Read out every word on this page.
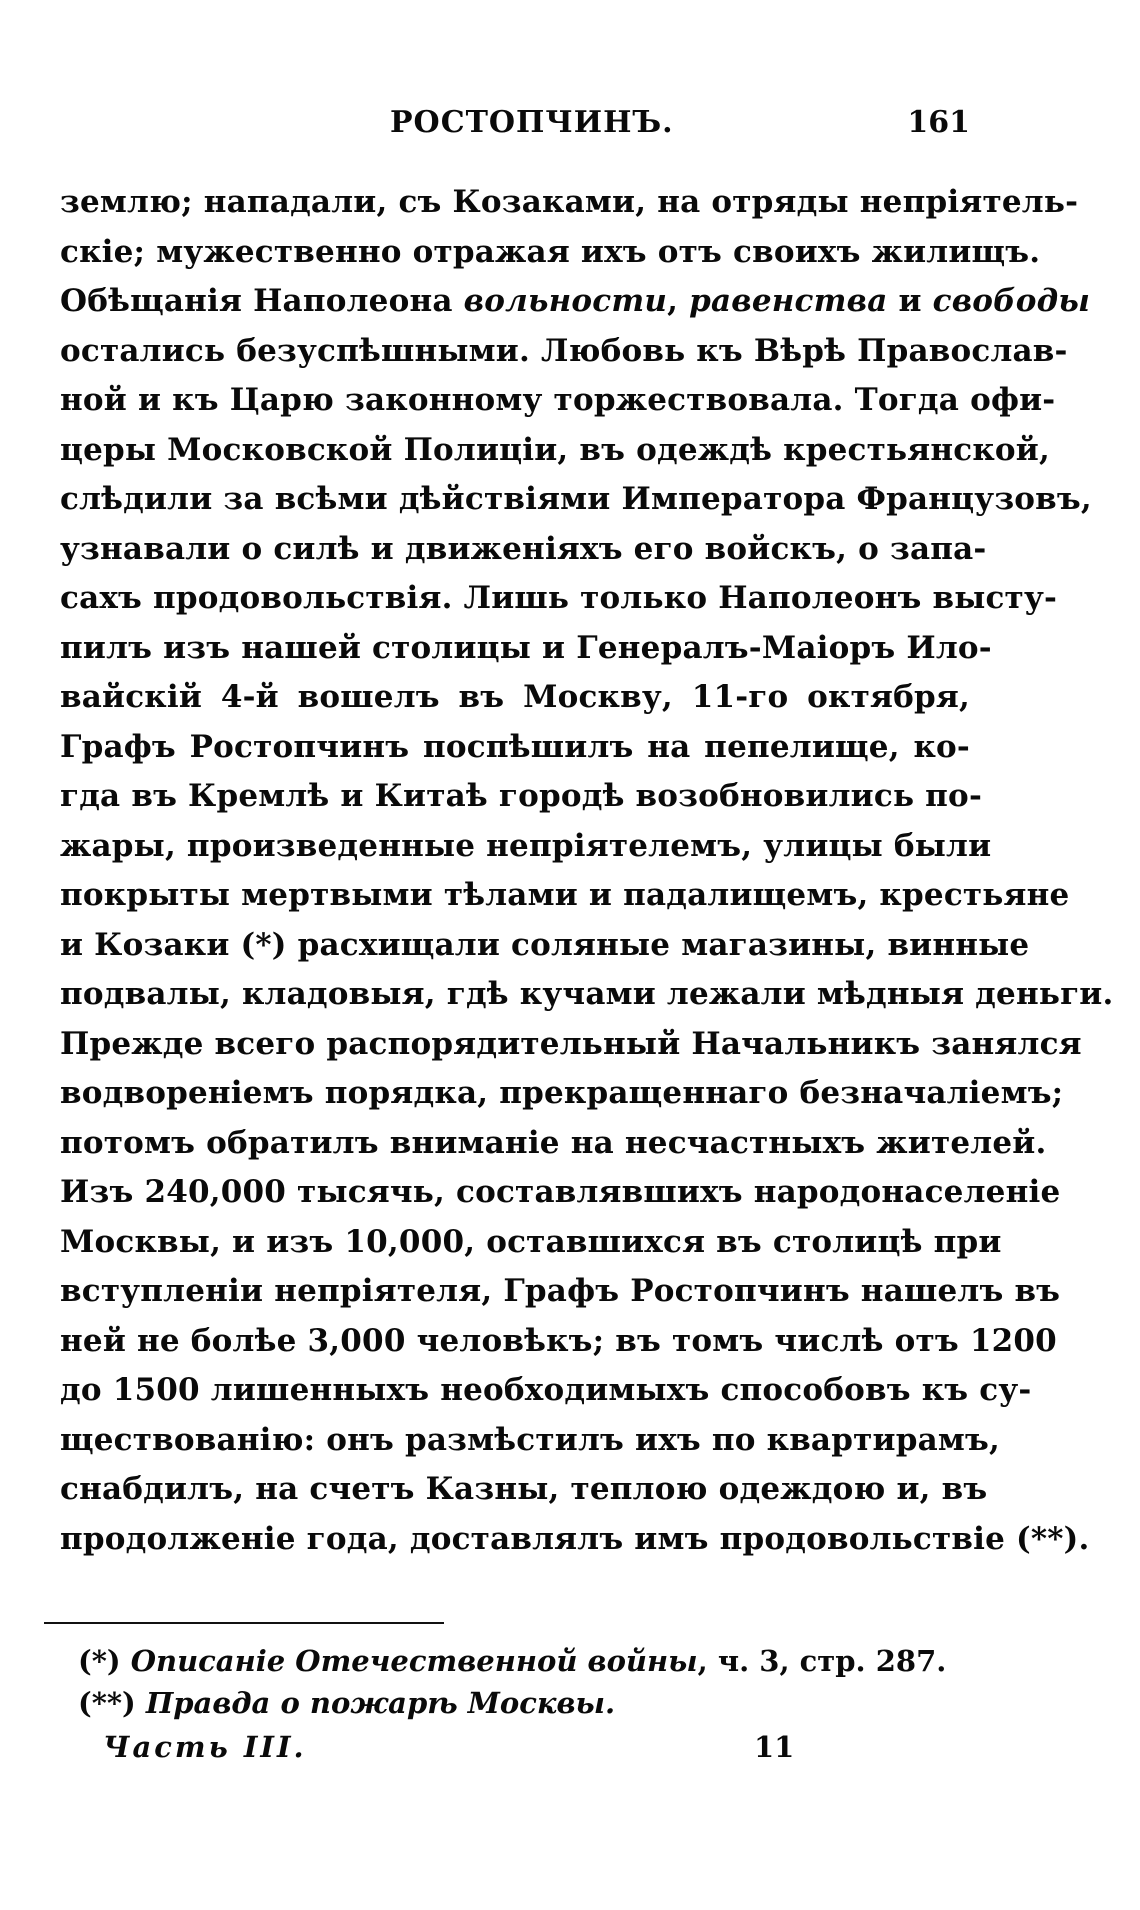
РОСТОПЧИНЪ.	161
землю; нападали, съ Козаками, на отряды непріятель-
скіе; мужественно отражая ихъ отъ своихъ жилищъ.
Обѣщанія Наполеона вольности, равенства и свободы
остались безуспѣшными. Любовь къ Вѣрѣ Православ-
ной и къ Царю законному торжествовала. Тогда офи-
церы Московской Полиціи, въ одеждѣ крестьянской,
слѣдили за всѣми дѣйствіями Императора Французовъ,
узнавали о силѣ и движеніяхъ его войскъ, о запа-
сахъ продовольствія. Лишь только Наполеонъ высту-
пилъ изъ нашей столицы и Генералъ-Маіоръ Ило-
вайскій 4-й вошелъ въ Москву, 11-го октября,
Графъ Ростопчинъ поспѣшилъ на пепелище, ко-
гда въ Кремлѣ и Китаѣ городѣ возобновились по-
жары, произведенные непріятелемъ, улицы были
покрыты мертвыми тѣлами и падалищемъ, крестьяне
и Козаки (*) расхищали соляные магазины, винные
подвалы, кладовыя, гдѣ кучами лежали мѣдныя деньги.
Прежде всего распорядительный Начальникъ занялся
водвореніемъ порядка, прекращеннаго безначаліемъ;
потомъ обратилъ вниманіе на несчастныхъ жителей.
Изъ 240,000 тысячь, составлявшихъ народонаселеніе
Москвы, и изъ 10,000, оставшихся въ столицѣ при
вступленіи непріятеля, Графъ Ростопчинъ нашелъ въ
ней не болѣе 3,000 человѣкъ; въ томъ числѣ отъ 1200
до 1500 лишенныхъ необходимыхъ способовъ къ су-
ществованію: онъ размѣстилъ ихъ по квартирамъ,
снабдилъ, на счетъ Казны, теплою одеждою и, въ
продолженіе года, доставлялъ имъ продовольствіе (**).
(*) Описаніе Отечественной войны, ч. 3, стр. 287.
(**) Правда о пожарѣ Москвы.
Часть III.	11
